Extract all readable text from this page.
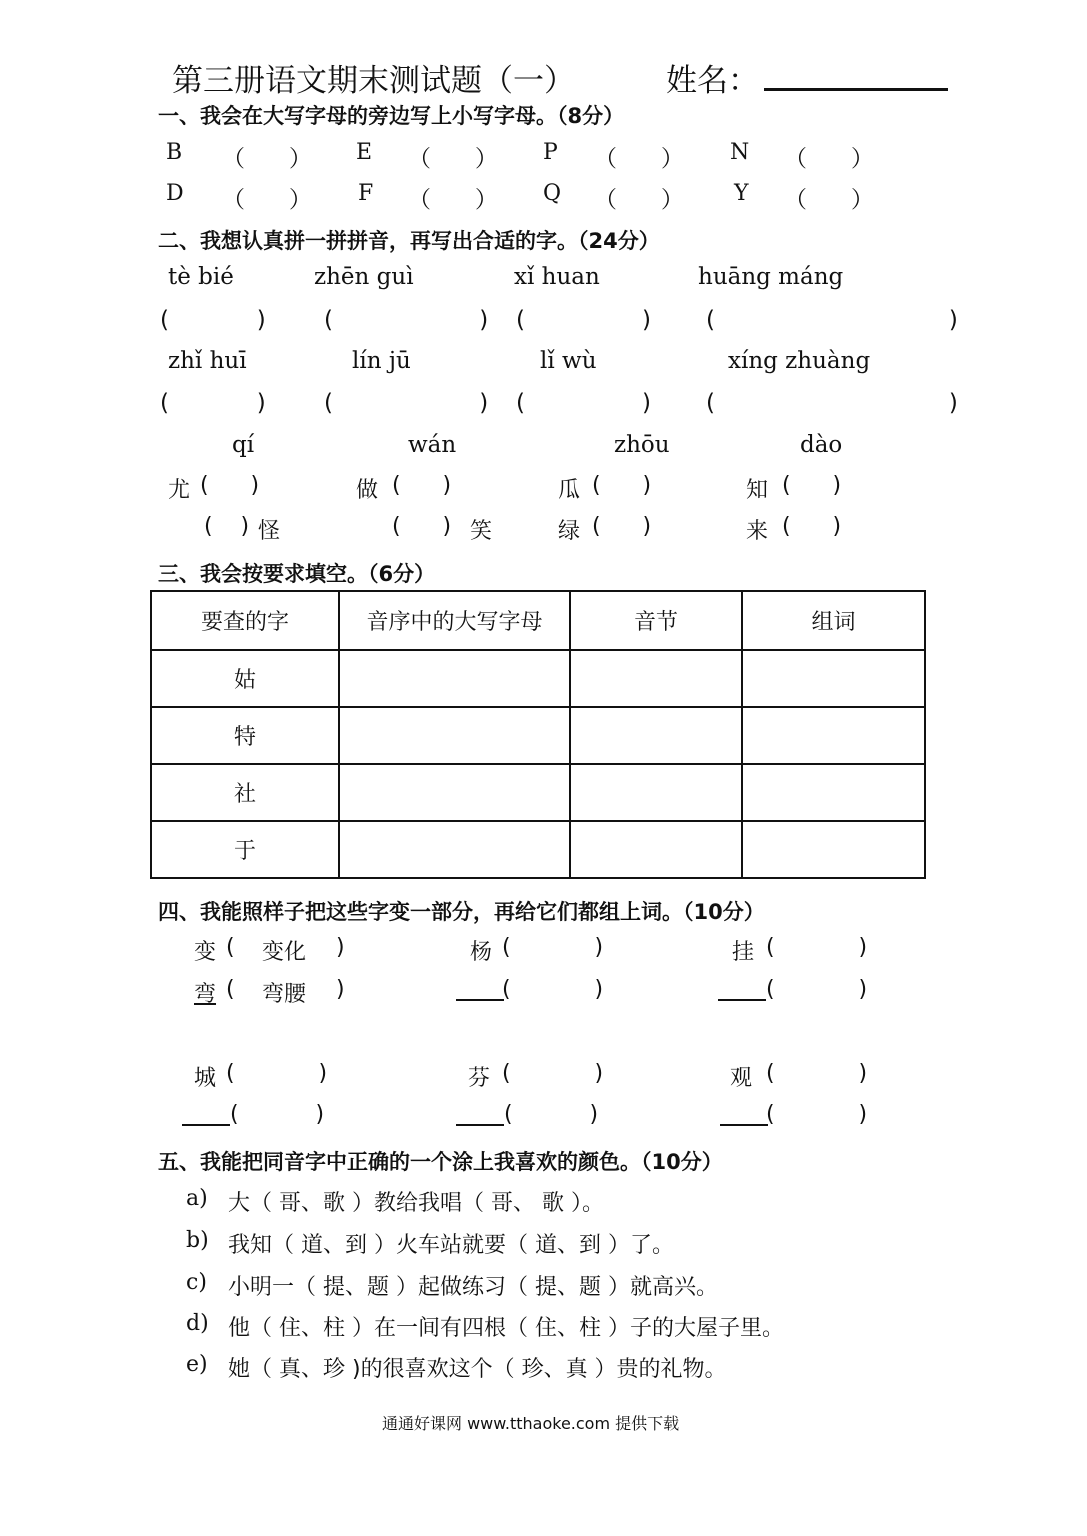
第三册语文期末测试题（一）	姓名：
一、我会在大写字母的旁边写上小写字母。（8分）
B （      ） E （      ） P （      ） N （      ）
D （      ） F （      ） Q （      ） Y （      ）
二、我想认真拼一拼拼音，再写出合适的字。（24分）
tè bié	zhēn guì	xǐ huan	huāng máng
(            )	(                    ) (                ) (                                )
zhǐ huī	lín jū	lǐ wù	xíng zhuàng
(            )	(                    ) (                ) (                                )
qí	wán	zhōu	dào
尤 (      )	做 (      )	瓜 (      )	知 (      )
(    ) 怪	(      ) 笑	绿 (      )	来 (      )
三、我会按要求填空。（6分）
要查的字	音序中的大写字母	音节	组词
姑			
特			
社			
于			
四、我能照样子把这些字变一部分，再给它们都组上词。（10分）
变 ( 变化 )	杨 (            )	挂 (            )
弯 ( 弯腰 )	(            )	(            )
城 (            )	芬 (            )	观 (            )
(           )	(           )	(            )
五、我能把同音字中正确的一个涂上我喜欢的颜色。（10分）
a) 大（ 哥、歌 ）教给我唱（ 哥、 歌 ）。
b) 我知（ 道、到 ）火车站就要（ 道、到 ）了。
c) 小明一（ 提、题 ）起做练习（ 提、题 ）就高兴。
d) 他（ 住、柱 ）在一间有四根（ 住、柱 ）子的大屋子里。
e) 她（ 真、珍 )的很喜欢这个（ 珍、真 ）贵的礼物。
通通好课网 www.tthaoke.com 提供下载
